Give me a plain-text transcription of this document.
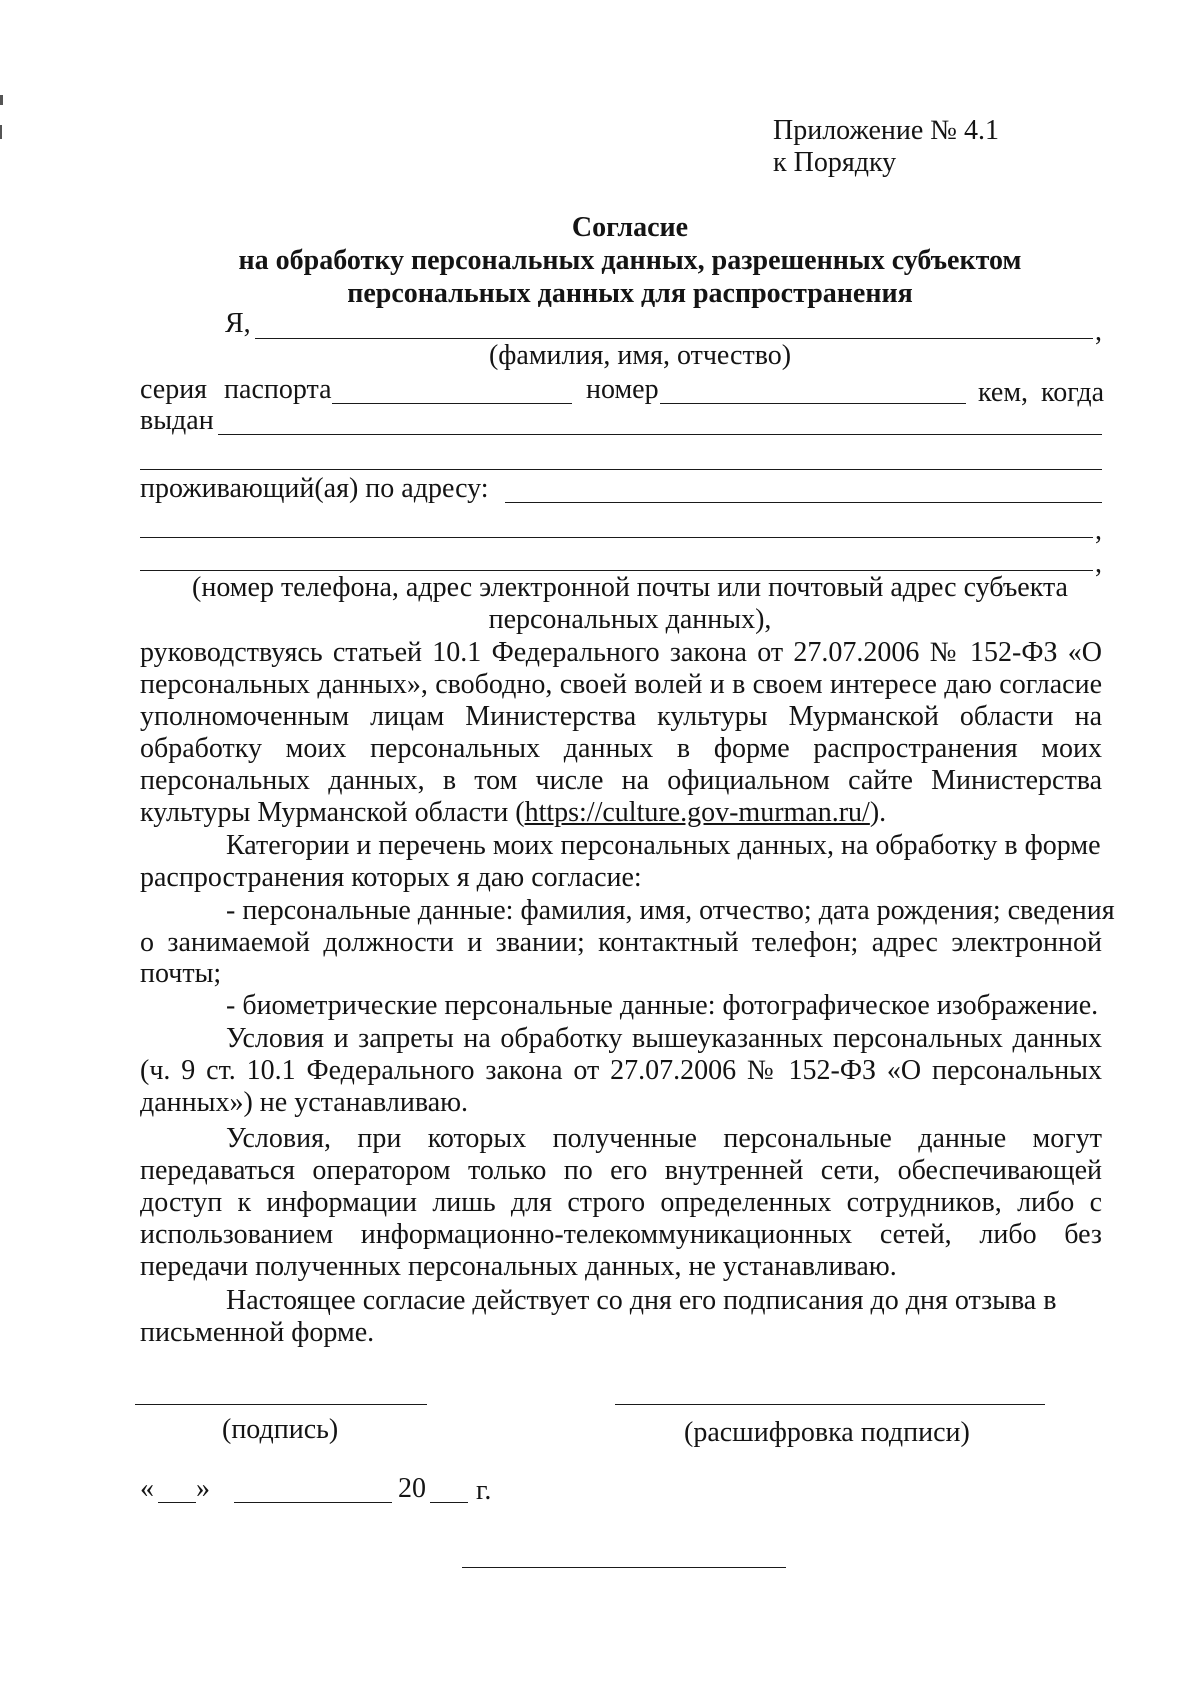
Приложение № 4.1
к Порядку
Согласие
на обработку персональных данных, разрешенных субъектом
персональных данных для распространения
Я,	,
(фамилия, имя, отчество)
серия паспорта	номер	кем, когда
выдан
проживающий(ая) по адресу:
,
,
(номер телефона, адрес электронной почты или почтовый адрес субъекта
персональных данных),
руководствуясь статьей 10.1 Федерального закона от 27.07.2006 № 152-ФЗ «О
персональных данных», свободно, своей волей и в своем интересе даю согласие
уполномоченным лицам Министерства культуры Мурманской области на
обработку моих персональных данных в форме распространения моих
персональных данных, в том числе на официальном сайте Министерства
культуры Мурманской области (https://culture.gov-murman.ru/).
Категории и перечень моих персональных данных, на обработку в форме
распространения которых я даю согласие:
- персональные данные: фамилия, имя, отчество; дата рождения; сведения
о занимаемой должности и звании; контактный телефон; адрес электронной
почты;
- биометрические персональные данные: фотографическое изображение.
Условия и запреты на обработку вышеуказанных персональных данных
(ч. 9 ст. 10.1 Федерального закона от 27.07.2006 № 152-ФЗ «О персональных
данных») не устанавливаю.
Условия, при которых полученные персональные данные могут
передаваться оператором только по его внутренней сети, обеспечивающей
доступ к информации лишь для строго определенных сотрудников, либо с
использованием информационно-телекоммуникационных сетей, либо без
передачи полученных персональных данных, не устанавливаю.
Настоящее согласие действует со дня его подписания до дня отзыва в
письменной форме.
(подпись)	(расшифровка подписи)
« »	20 г.
